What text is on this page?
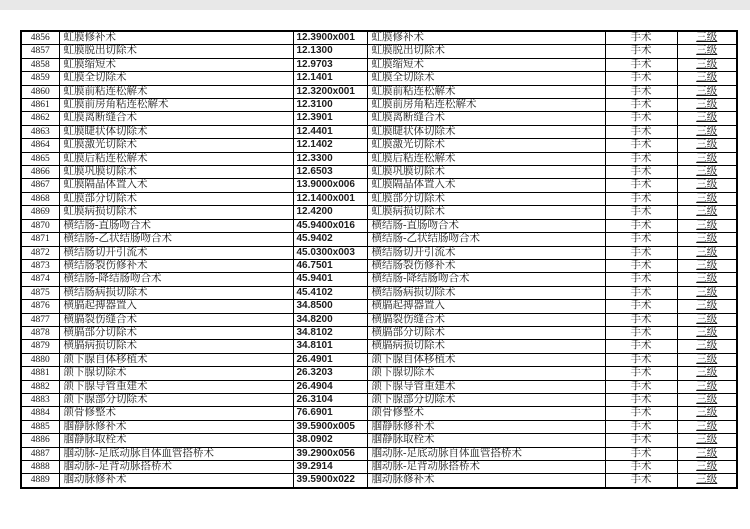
4856	虹膜修补术	12.3900x001	虹膜修补术	手术	三级
4857	虹膜脱出切除术	12.1300	虹膜脱出切除术	手术	三级
4858	虹膜缩短术	12.9703	虹膜缩短术	手术	三级
4859	虹膜全切除术	12.1401	虹膜全切除术	手术	三级
4860	虹膜前粘连松解术	12.3200x001	虹膜前粘连松解术	手术	三级
4861	虹膜前房角粘连松解术	12.3100	虹膜前房角粘连松解术	手术	三级
4862	虹膜离断缝合术	12.3901	虹膜离断缝合术	手术	三级
4863	虹膜睫状体切除术	12.4401	虹膜睫状体切除术	手术	三级
4864	虹膜激光切除术	12.1402	虹膜激光切除术	手术	三级
4865	虹膜后粘连松解术	12.3300	虹膜后粘连松解术	手术	三级
4866	虹膜巩膜切除术	12.6503	虹膜巩膜切除术	手术	三级
4867	虹膜隔晶体置入术	13.9000x006	虹膜隔晶体置入术	手术	三级
4868	虹膜部分切除术	12.1400x001	虹膜部分切除术	手术	三级
4869	虹膜病损切除术	12.4200	虹膜病损切除术	手术	三级
4870	横结肠-直肠吻合术	45.9400x016	横结肠-直肠吻合术	手术	三级
4871	横结肠-乙状结肠吻合术	45.9402	横结肠-乙状结肠吻合术	手术	三级
4872	横结肠切开引流术	45.0300x003	横结肠切开引流术	手术	三级
4873	横结肠裂伤修补术	46.7501	横结肠裂伤修补术	手术	三级
4874	横结肠-降结肠吻合术	45.9401	横结肠-降结肠吻合术	手术	三级
4875	横结肠病损切除术	45.4102	横结肠病损切除术	手术	三级
4876	横膈起搏器置入	34.8500	横膈起搏器置入	手术	三级
4877	横膈裂伤缝合术	34.8200	横膈裂伤缝合术	手术	三级
4878	横膈部分切除术	34.8102	横膈部分切除术	手术	三级
4879	横膈病损切除术	34.8101	横膈病损切除术	手术	三级
4880	颌下腺自体移植术	26.4901	颌下腺自体移植术	手术	三级
4881	颌下腺切除术	26.3203	颌下腺切除术	手术	三级
4882	颌下腺导管重建术	26.4904	颌下腺导管重建术	手术	三级
4883	颌下腺部分切除术	26.3104	颌下腺部分切除术	手术	三级
4884	颌骨修整术	76.6901	颌骨修整术	手术	三级
4885	腘静脉修补术	39.5900x005	腘静脉修补术	手术	三级
4886	腘静脉取栓术	38.0902	腘静脉取栓术	手术	三级
4887	腘动脉-足底动脉自体血管搭桥术	39.2900x056	腘动脉-足底动脉自体血管搭桥术	手术	三级
4888	腘动脉-足背动脉搭桥术	39.2914	腘动脉-足背动脉搭桥术	手术	三级
4889	腘动脉修补术	39.5900x022	腘动脉修补术	手术	三级
